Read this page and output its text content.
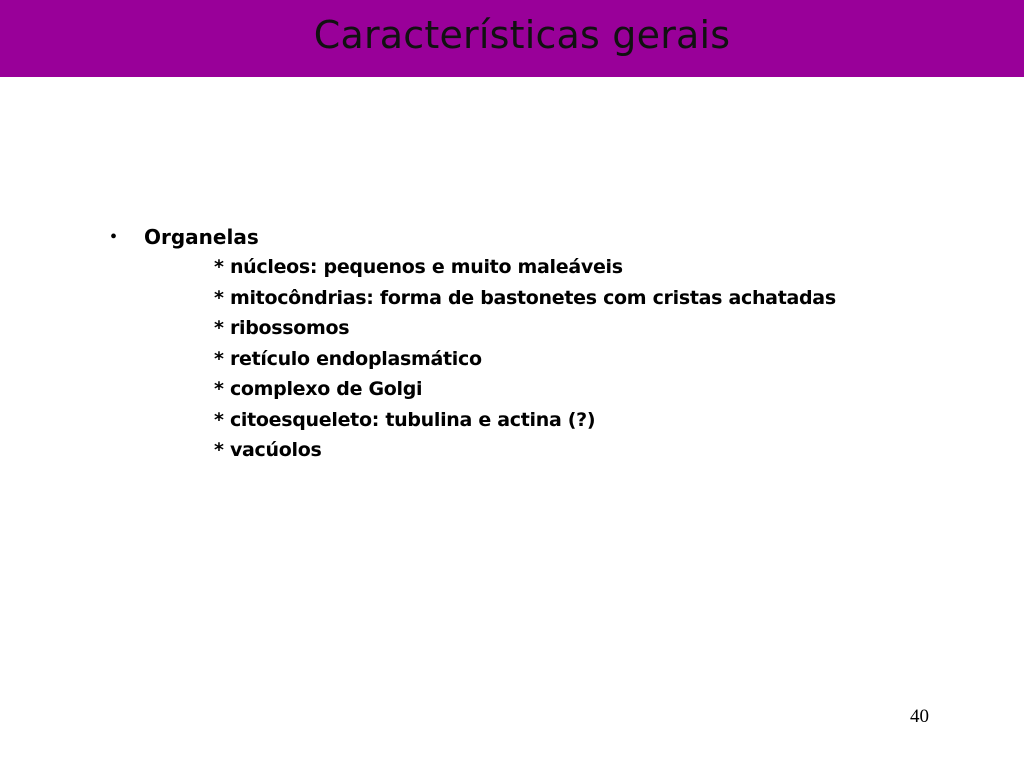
Características gerais
• Organelas
* núcleos: pequenos e muito maleáveis
* mitocôndrias: forma de bastonetes com cristas achatadas
* ribossomos
* retículo endoplasmático
* complexo de Golgi
* citoesqueleto: tubulina e actina (?)
* vacúolos
40
